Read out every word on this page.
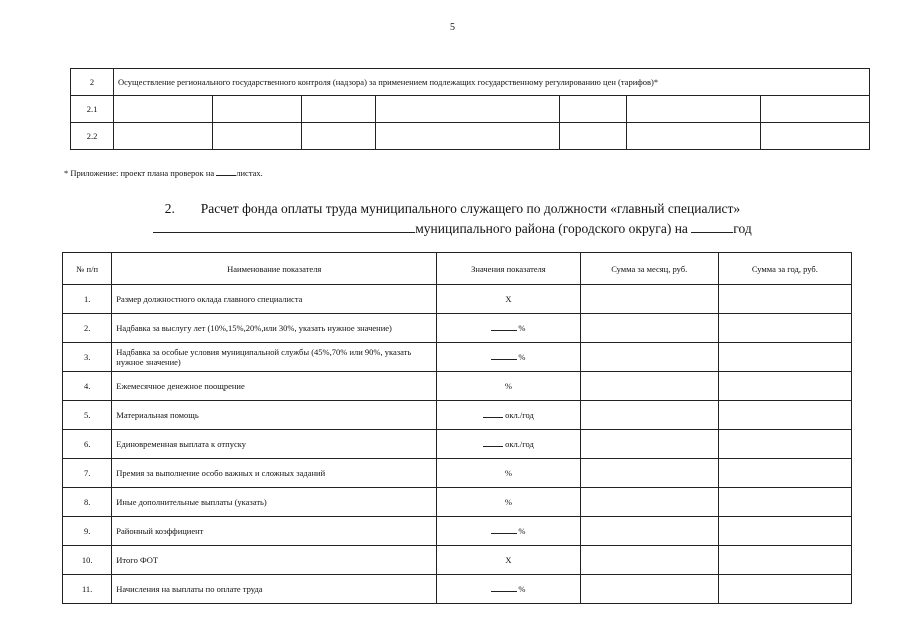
5
2	Осуществление регионального государственного контроля (надзора) за применением подлежащих государственному регулированию цен (тарифов)*						
2.1							
2.2							
* Приложение: проект плана проверок на листах.
2. Расчет фонда оплаты труда муниципального служащего по должности «главный специалист»
муниципального района (городского округа) на	год
№ п/п	Наименование показателя	Значения показателя	Сумма за месяц, руб.	Сумма за год, руб.
1.	Размер должностного оклада главного специалиста	Х		
2.	Надбавка за выслугу лет (10%,15%,20%,или 30%, указать нужное значение)	%		
3.	Надбавка за особые условия муниципальной службы (45%,70% или 90%, указать нужное значение)	%		
4.	Ежемесячное денежное поощрение	%		
5.	Материальная помощь	окл./год		
6.	Единовременная выплата к отпуску	окл./год		
7.	Премия за выполнение особо важных и сложных заданий	%		
8.	Иные дополнительные выплаты (указать)	%		
9.	Районный коэффициент	%		
10.	Итого ФОТ	Х		
11.	Начисления на выплаты по оплате труда	%		
